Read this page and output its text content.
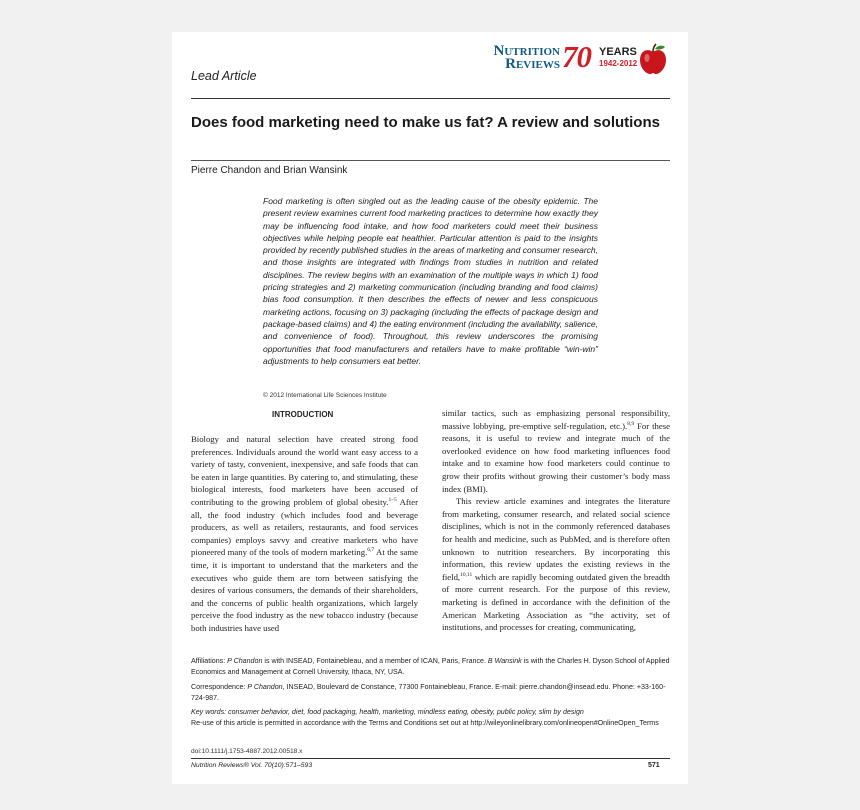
Lead Article
Nutrition
Reviews 70 YEARS
1942-2012
Does food marketing need to make us fat? A review and solutions
Pierre Chandon and Brian Wansink

Food marketing is often singled out as the leading cause of the obesity epidemic. The present review examines current food marketing practices to determine how exactly they may be influencing food intake, and how food marketers could meet their business objectives while helping people eat healthier. Particular attention is paid to the insights provided by recently published studies in the areas of marketing and consumer research, and those insights are integrated with findings from studies in nutrition and related disciplines. The review begins with an examination of the multiple ways in which 1) food pricing strategies and 2) marketing communication (including branding and food claims) bias food consumption. It then describes the effects of newer and less conspicuous marketing actions, focusing on 3) packaging (including the effects of package design and package-based claims) and 4) the eating environment (including the availability, salience, and convenience of food). Throughout, this review underscores the promising opportunities that food manufacturers and retailers have to make profitable “win-win” adjustments to help consumers eat better.

© 2012 International Life Sciences Institute
INTRODUCTION

Biology and natural selection have created strong food preferences. Individuals around the world want easy access to a variety of tasty, convenient, inexpensive, and safe foods that can be eaten in large quantities. By catering to, and stimulating, these biological interests, food marketers have been accused of contributing to the growing problem of global obesity.$^{1-5}$ After all, the food industry (which includes food and beverage producers, as well as retailers, restaurants, and food services companies) employs savvy and creative marketers who have pioneered many of the tools of modern marketing.$^{6,7}$ At the same time, it is important to understand that the marketers and the executives who guide them are torn between satisfying the desires of various consumers, the demands of their shareholders, and the concerns of public health organizations, which largely perceive the food industry as the new tobacco industry (because both industries have used

similar tactics, such as emphasizing personal responsibility, massive lobbying, pre-emptive self-regulation, etc.).$^{8,9}$ For these reasons, it is useful to review and integrate much of the overlooked evidence on how food marketing influences food intake and to examine how food marketers could continue to grow their profits without growing their customer’s body mass index (BMI).

This review article examines and integrates the literature from marketing, consumer research, and related social science disciplines, which is not in the commonly referenced databases for health and medicine, such as PubMed, and is therefore often unknown to nutrition researchers. By incorporating this information, this review updates the existing reviews in the field,$^{10,11}$ which are rapidly becoming outdated given the breadth of more current research. For the purpose of this review, marketing is defined in accordance with the definition of the American Marketing Association as “the activity, set of institutions, and processes for creating, communicating,

Affiliations: P Chandon is with INSEAD, Fontainebleau, and a member of ICAN, Paris, France. B Wansink is with the Charles H. Dyson School of Applied Economics and Management at Cornell University, Ithaca, NY, USA.

Correspondence: P Chandon, INSEAD, Boulevard de Constance, 77300 Fontainebleau, France. E-mail: pierre.chandon@insead.edu. Phone: +33-160-724-987.

Key words: consumer behavior, diet, food packaging, health, marketing, mindless eating, obesity, public policy, slim by design

Re-use of this article is permitted in accordance with the Terms and Conditions set out at http://wileyonlinelibrary.com/onlineopen#OnlineOpen_Terms

doi:10.1111/j.1753-4887.2012.00518.x
Nutrition Reviews® Vol. 70(10):571–593	571
